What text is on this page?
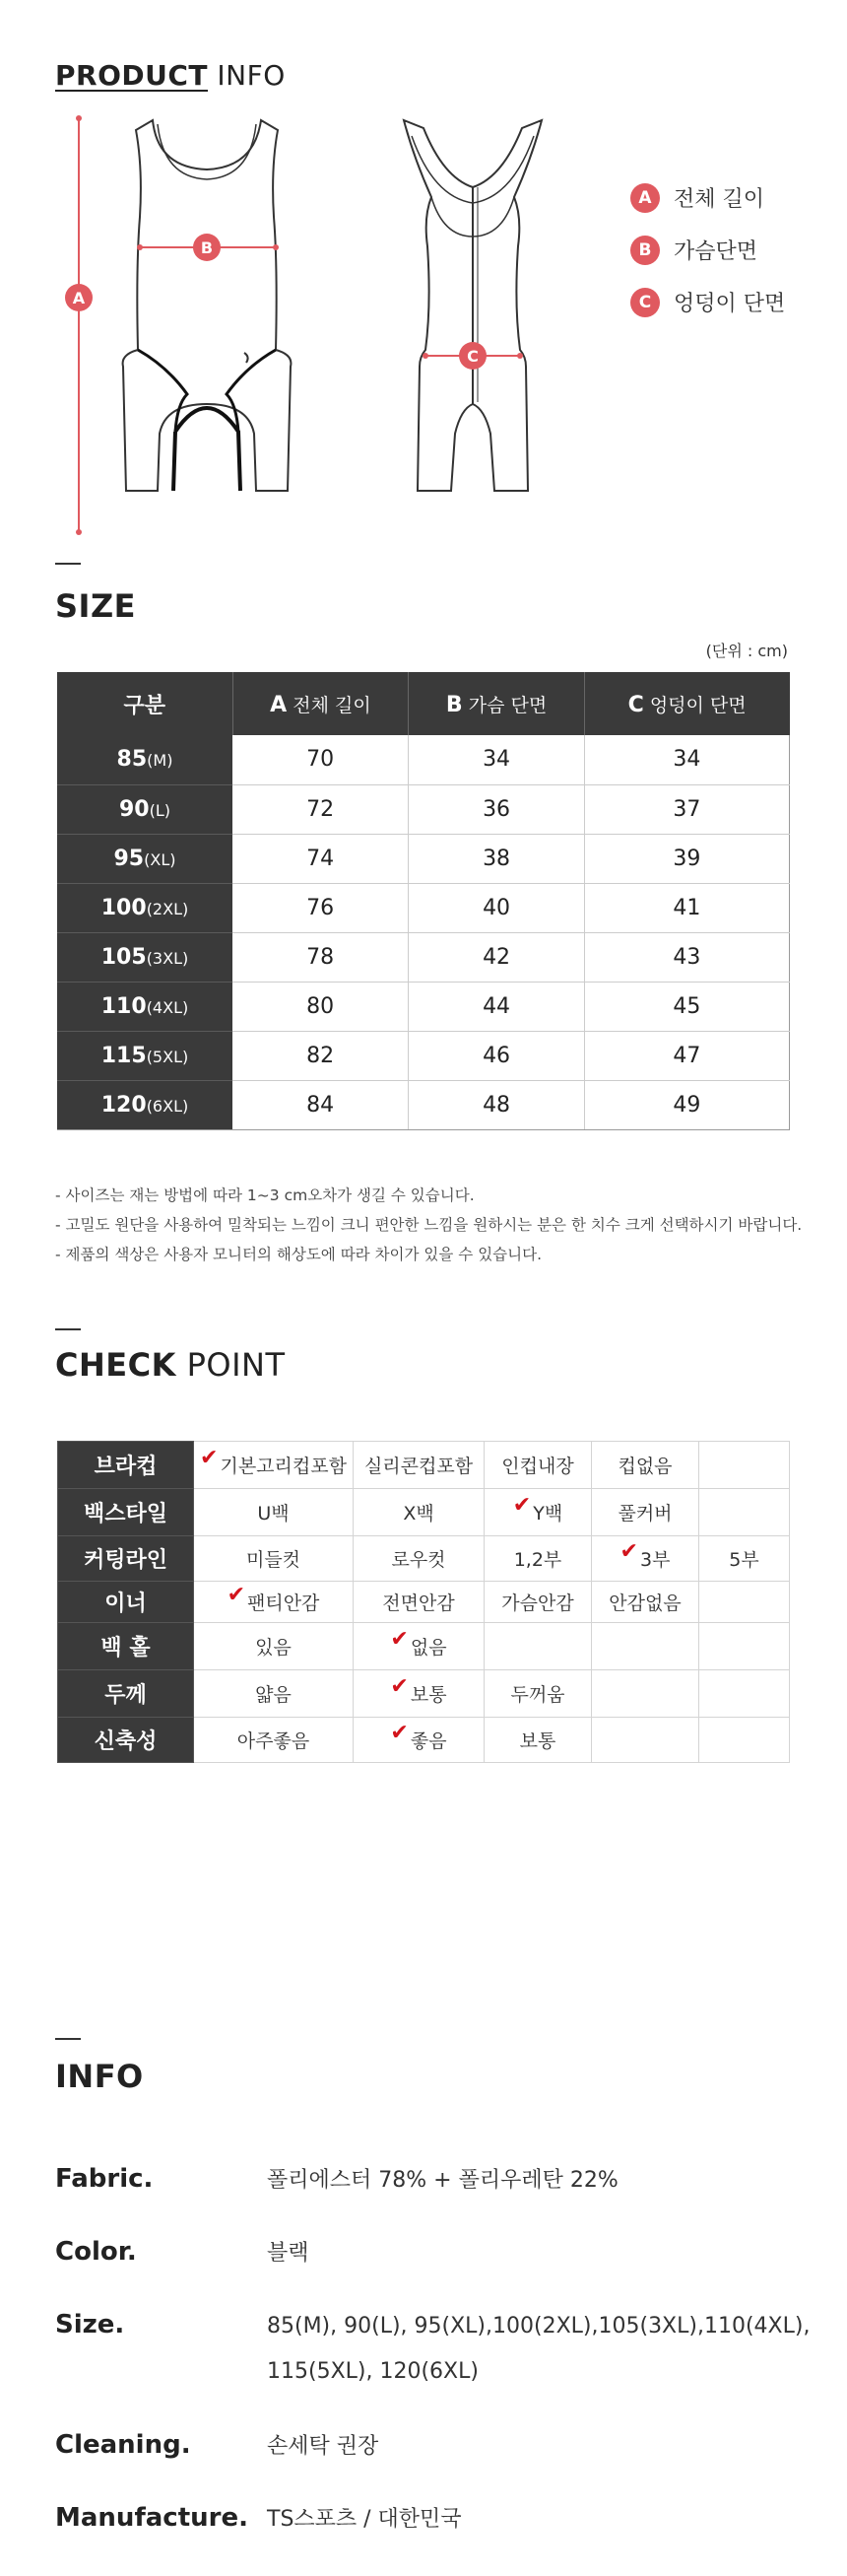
PRODUCT INFO
B
A
C
A	전체 길이
B	가슴단면
C	엉덩이 단면
SIZE
(단위 : cm)
구분	A 전체 길이	B 가슴 단면	C 엉덩이 단면
85(M)	70	34	34
90(L)	72	36	37
95(XL)	74	38	39
100(2XL)	76	40	41
105(3XL)	78	42	43
110(4XL)	80	44	45
115(5XL)	82	46	47
120(6XL)	84	48	49
- 사이즈는 재는 방법에 따라 1~3 cm오차가 생길 수 있습니다.
- 고밀도 원단을 사용하여 밀착되는 느낌이 크니 편안한 느낌을 원하시는 분은 한 치수 크게 선택하시기 바랍니다.
- 제품의 색상은 사용자 모니터의 해상도에 따라 차이가 있을 수 있습니다.
CHECK POINT
브라컵	✔ 기본고리컵포함	실리콘컵포함	인컵내장	컵없음	
백스타일	U백	X백	✔ Y백	풀커버	
커팅라인	미들컷	로우컷	1,2부	✔ 3부	5부
이너	✔ 팬티안감	전면안감	가슴안감	안감없음	
백 홀	있음	✔ 없음			
두께	얇음	✔ 보통	두꺼움		
신축성	아주좋음	✔ 좋음	보통		
INFO
Fabric.	폴리에스터 78% + 폴리우레탄 22%
Color.	블랙
Size.	85(M), 90(L), 95(XL),100(2XL),105(3XL),110(4XL),
115(5XL), 120(6XL)
Cleaning.	손세탁 권장
Manufacture. TS스포츠 / 대한민국
